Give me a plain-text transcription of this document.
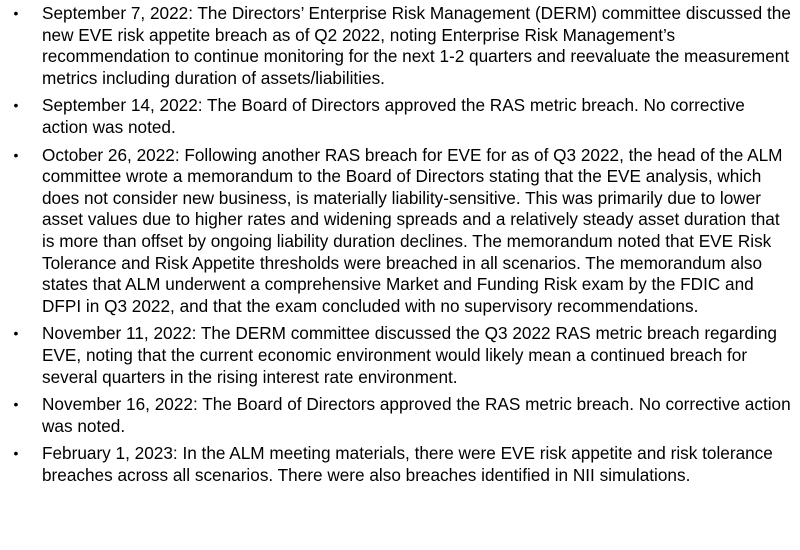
• September 7, 2022: The Directors’ Enterprise Risk Management (DERM) committee discussed the new EVE risk appetite breach as of Q2 2022, noting Enterprise Risk Management’s recommendation to continue monitoring for the next 1-2 quarters and reevaluate the measurement metrics including duration of assets/liabilities.
• September 14, 2022: The Board of Directors approved the RAS metric breach. No corrective action was noted.
• October 26, 2022: Following another RAS breach for EVE for as of Q3 2022, the head of the ALM committee wrote a memorandum to the Board of Directors stating that the EVE analysis, which does not consider new business, is materially liability-sensitive. This was primarily due to lower asset values due to higher rates and widening spreads and a relatively steady asset duration that is more than offset by ongoing liability duration declines. The memorandum noted that EVE Risk Tolerance and Risk Appetite thresholds were breached in all scenarios. The memorandum also states that ALM underwent a comprehensive Market and Funding Risk exam by the FDIC and DFPI in Q3 2022, and that the exam concluded with no supervisory recommendations.
• November 11, 2022: The DERM committee discussed the Q3 2022 RAS metric breach regarding EVE, noting that the current economic environment would likely mean a continued breach for several quarters in the rising interest rate environment.
• November 16, 2022: The Board of Directors approved the RAS metric breach. No corrective action was noted.
• February 1, 2023: In the ALM meeting materials, there were EVE risk appetite and risk tolerance breaches across all scenarios. There were also breaches identified in NII simulations.
